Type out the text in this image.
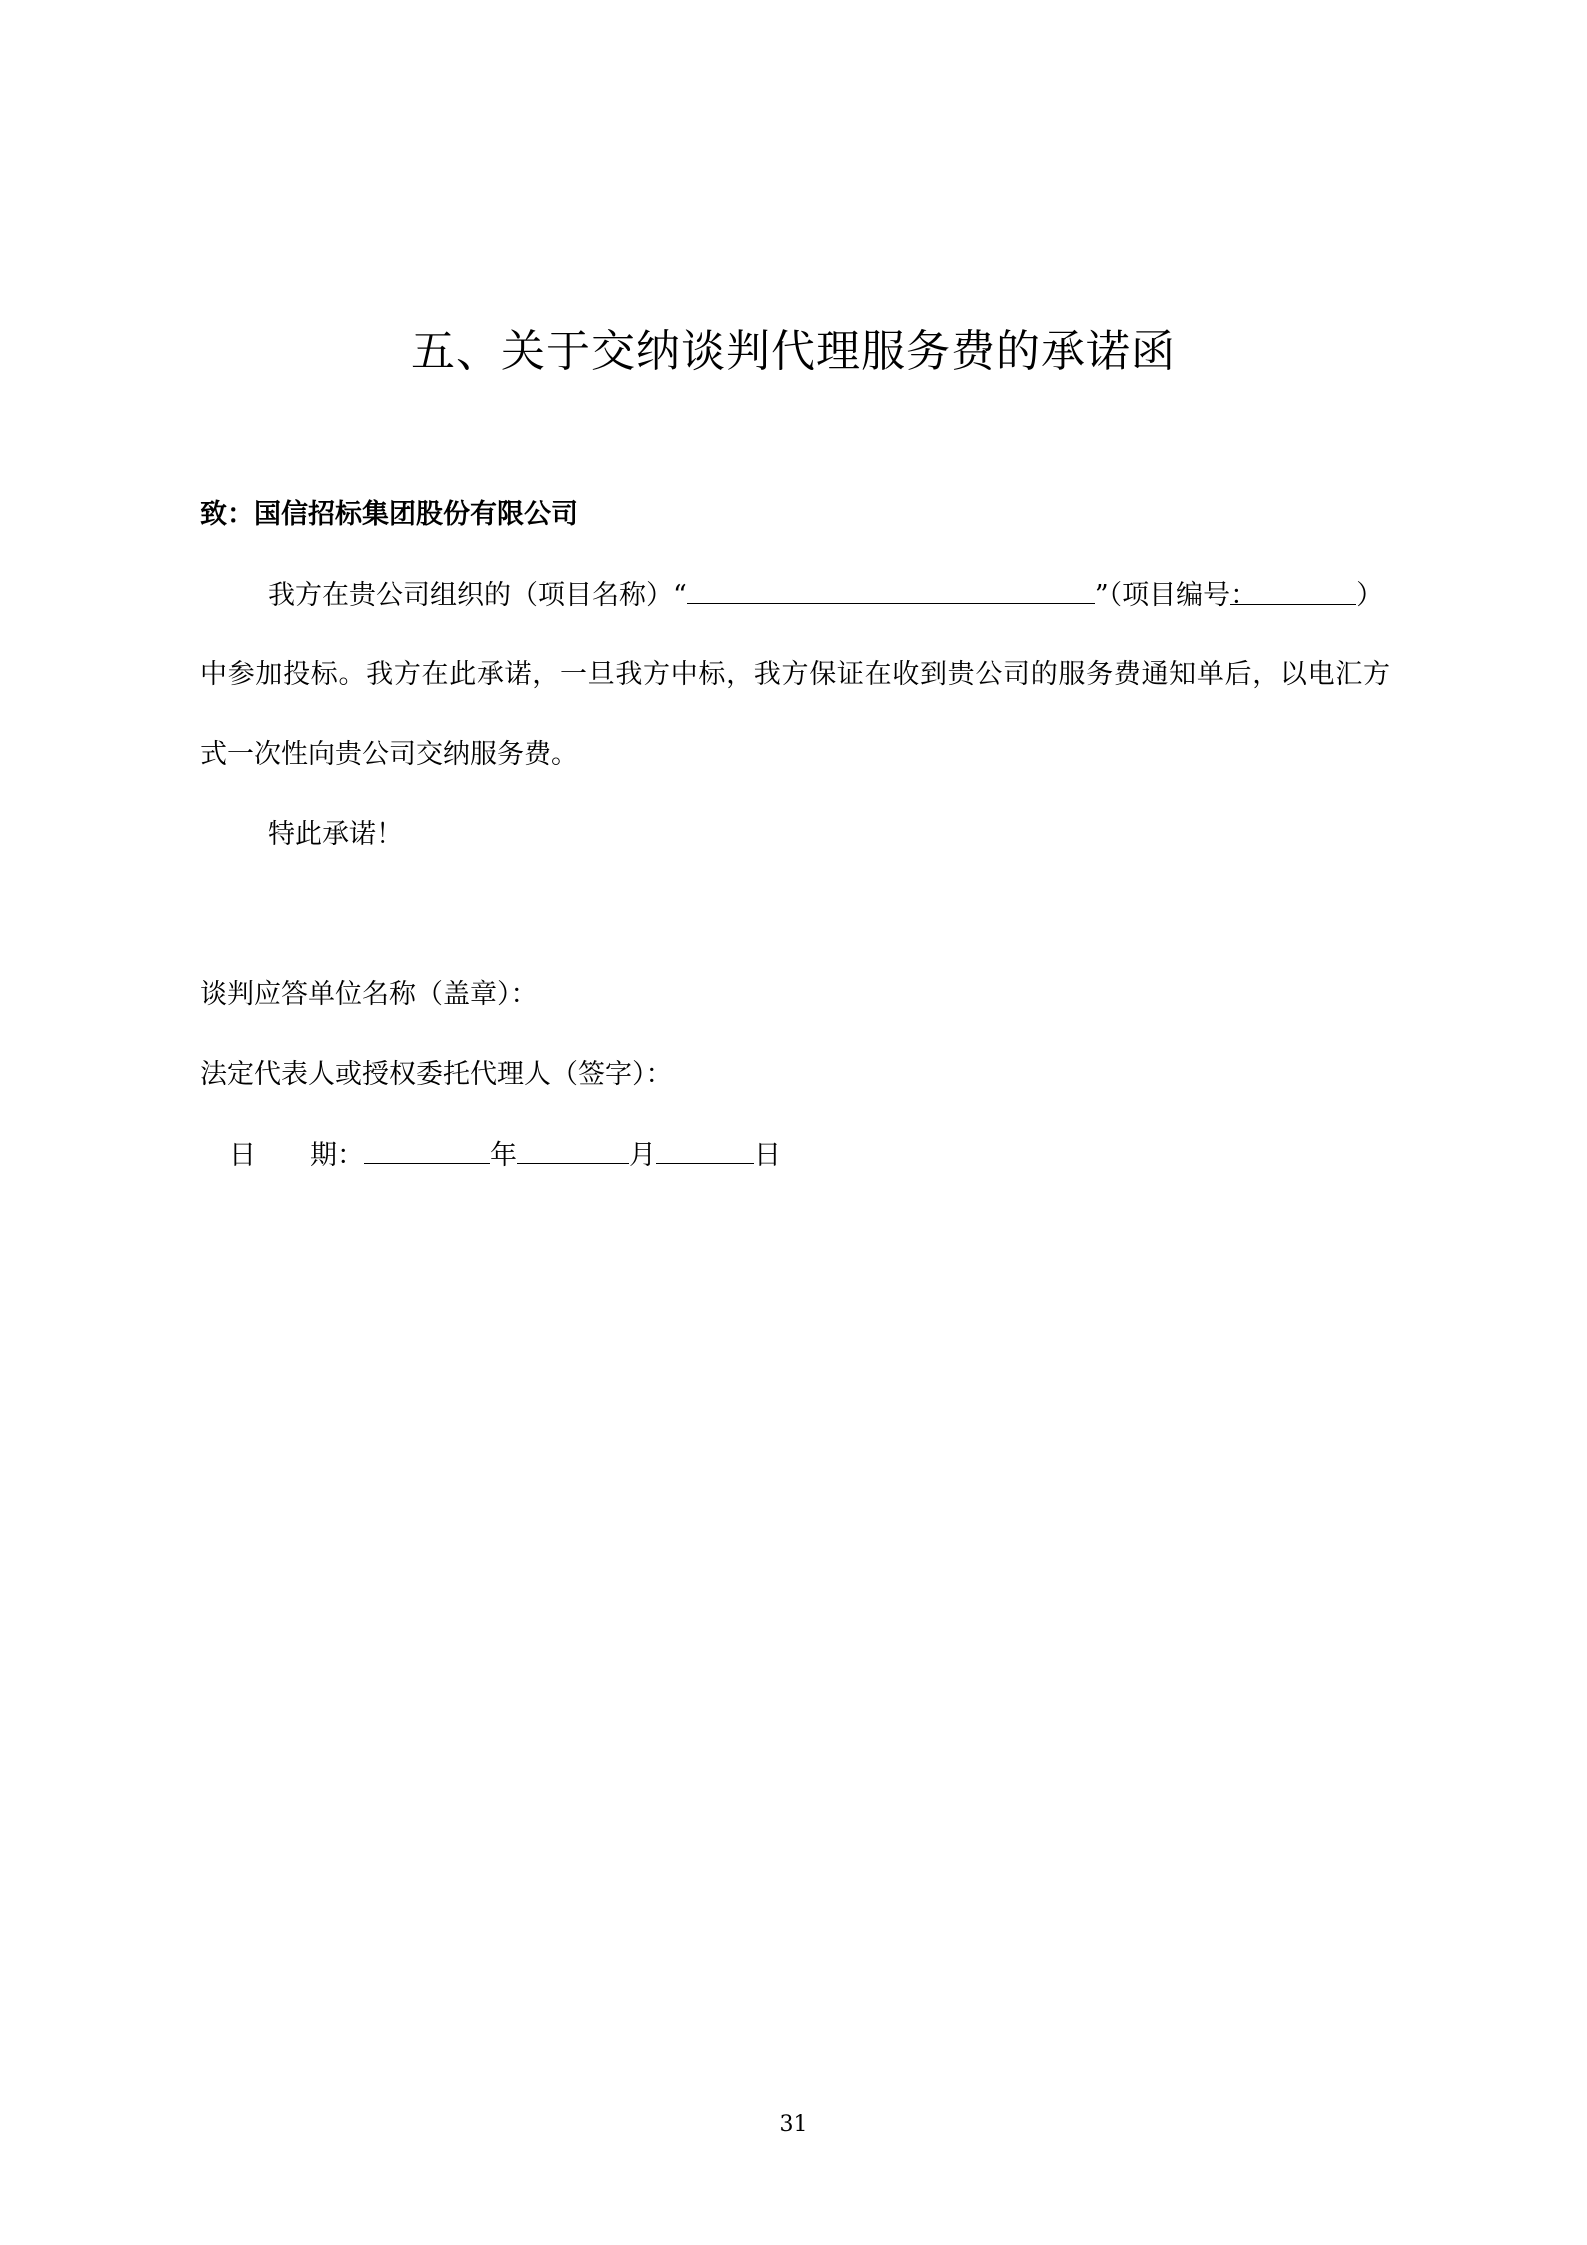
五、关于交纳谈判代理服务费的承诺函
致：国信招标集团股份有限公司
我方在贵公司组织的（项目名称）“	”（项目编号：	）
中参加投标。我方在此承诺，一旦我方中标，我方保证在收到贵公司的服务费通知单后，以电汇方
式一次性向贵公司交纳服务费。
特此承诺！
谈判应答单位名称（盖章）：
法定代表人或授权委托代理人（签字）：
日 期：	年	月	日
31
